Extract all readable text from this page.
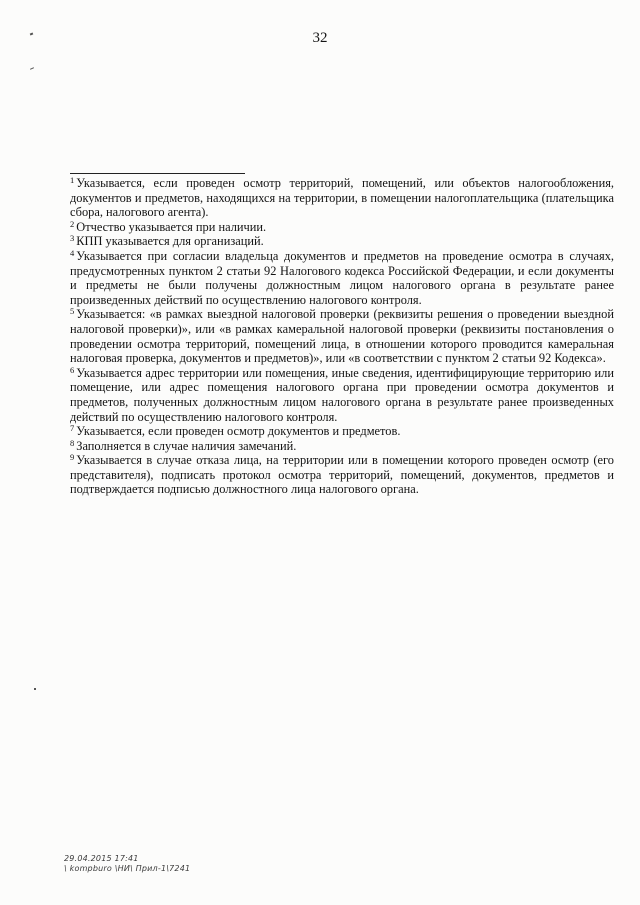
32

$^1$ Указывается, если проведен осмотр территорий, помещений, или объектов налогообложения, документов и предметов, находящихся на территории, в помещении налогоплательщика (плательщика сбора, налогового агента).

$^2$ Отчество указывается при наличии.

$^3$ КПП указывается для организаций.

$^4$ Указывается при согласии владельца документов и предметов на проведение осмотра в случаях, предусмотренных пунктом 2 статьи 92 Налогового кодекса Российской Федерации, и если документы и предметы не были получены должностным лицом налогового органа в результате ранее произведенных действий по осуществлению налогового контроля.

$^5$ Указывается: «в рамках выездной налоговой проверки (реквизиты решения о проведении выездной налоговой проверки)», или «в рамках камеральной налоговой проверки (реквизиты постановления о проведении осмотра территорий, помещений лица, в отношении которого проводится камеральная налоговая проверка, документов и предметов)», или «в соответствии с пунктом 2 статьи 92 Кодекса».

$^6$ Указывается адрес территории или помещения, иные сведения, идентифицирующие территорию или помещение, или адрес помещения налогового органа при проведении осмотра документов и предметов, полученных должностным лицом налогового органа в результате ранее произведенных действий по осуществлению налогового контроля.

$^7$ Указывается, если проведен осмотр документов и предметов.

$^8$ Заполняется в случае наличия замечаний.

$^9$ Указывается в случае отказа лица, на территории или в помещении которого проведен осмотр (его представителя), подписать протокол осмотра территорий, помещений, документов, предметов и подтверждается подписью должностного лица налогового органа.

29.04.2015 17:41
\ kompburo \НИ\ Прил-1\7241
